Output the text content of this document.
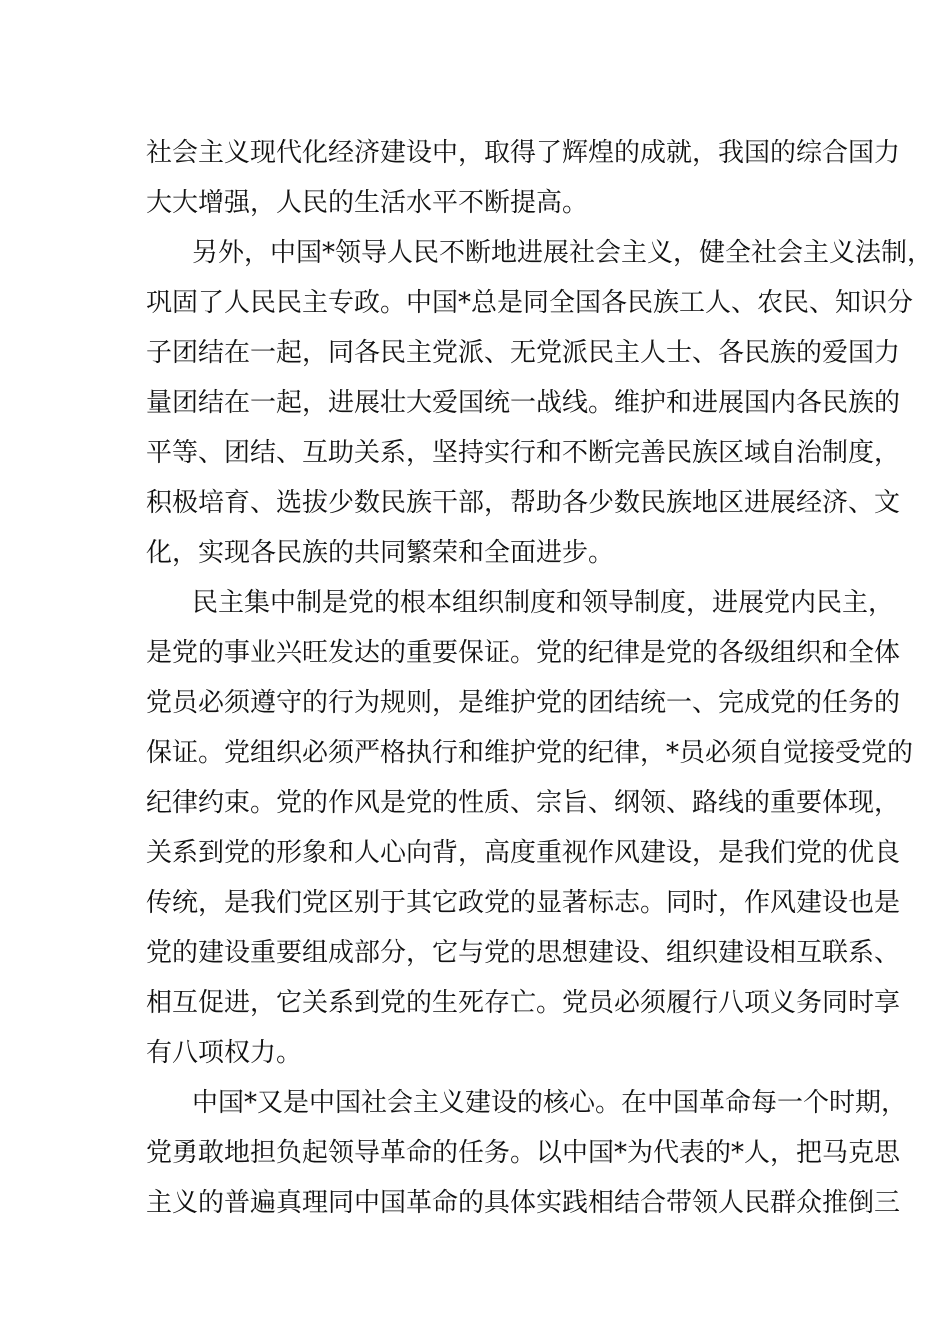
社会主义现代化经济建设中，取得了辉煌的成就，我国的综合国力
大大增强，人民的生活水平不断提高。
另外，中国*领导人民不断地进展社会主义，健全社会主义法制，
巩固了人民民主专政。中国*总是同全国各民族工人、农民、知识分
子团结在一起，同各民主党派、无党派民主人士、各民族的爱国力
量团结在一起，进展壮大爱国统一战线。维护和进展国内各民族的
平等、团结、互助关系，坚持实行和不断完善民族区域自治制度，
积极培育、选拔少数民族干部，帮助各少数民族地区进展经济、文
化，实现各民族的共同繁荣和全面进步。
民主集中制是党的根本组织制度和领导制度，进展党内民主，
是党的事业兴旺发达的重要保证。党的纪律是党的各级组织和全体
党员必须遵守的行为规则，是维护党的团结统一、完成党的任务的
保证。党组织必须严格执行和维护党的纪律，*员必须自觉接受党的
纪律约束。党的作风是党的性质、宗旨、纲领、路线的重要体现，
关系到党的形象和人心向背，高度重视作风建设，是我们党的优良
传统，是我们党区别于其它政党的显著标志。同时，作风建设也是
党的建设重要组成部分，它与党的思想建设、组织建设相互联系、
相互促进，它关系到党的生死存亡。党员必须履行八项义务同时享
有八项权力。
中国*又是中国社会主义建设的核心。在中国革命每一个时期，
党勇敢地担负起领导革命的任务。以中国*为代表的*人，把马克思
主义的普遍真理同中国革命的具体实践相结合带领人民群众推倒三
